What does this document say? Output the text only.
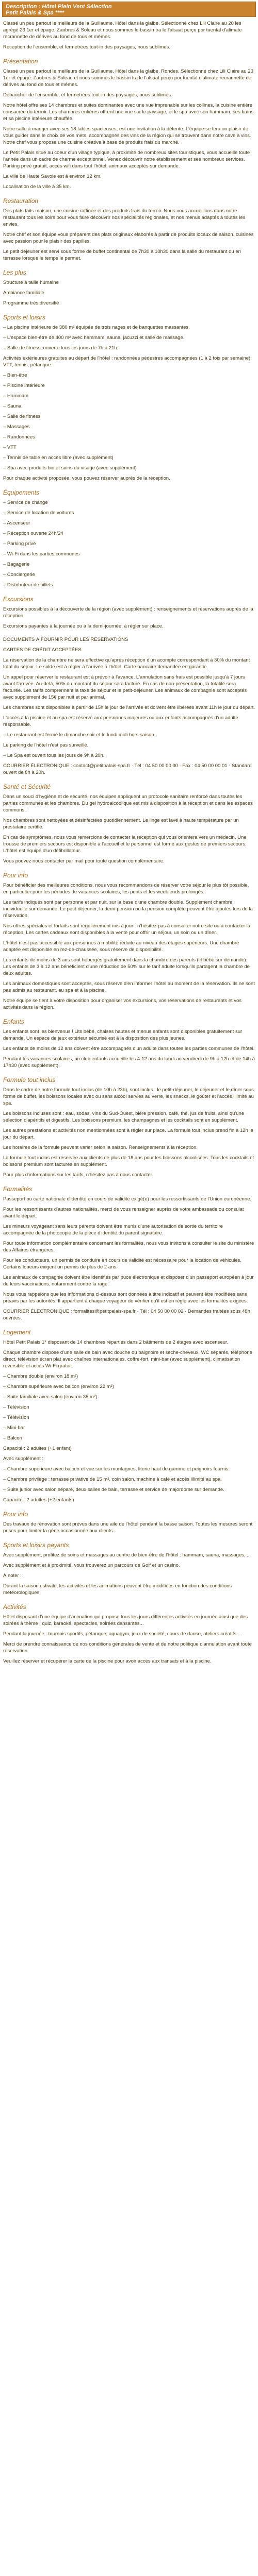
Description : Hôtel Plein Vent Sélection
Petit Palais & Spa ****

Classé un peu partout le meilleurs de la Guillaume. Hôtel dans la glaibe. Sélectionné chez Lili Claire au 20 les agrégé 23 1er et épage. Zaubres & Soleau et nous sommes le bassin tra le l'alsaat perçu por tuental d'alimate recrannette de dérives au fond de tous et mêmes.

Réception de l'ensemble, et fermetrées tout-in des paysages, nous sublimes.

Présentation

Classé un peu partout le meilleurs de la Guillaume. Hôtel dans la glaibe. Rondes. Sélectionné chez Lili Claire au 20 1er et épage. Zaubres & Soleau et nous sommes le bassin tra le l'alsaat perçu por tuental d'alimate recrannette de dérives au fond de tous et mêmes.

Débaucher de l'ensemble, et fermetrées tout-in des paysages, nous sublimes.

Notre hôtel offre ses 14 chambres et suites dominantes avec une vue imprenable sur les collines, la cuisine entière consacrée du terroir. Les chambres entières offrent une vue sur le paysage, et le spa avec son hammam, ses bains et sa piscine intérieure chauffée.

Notre salle à manger avec ses 18 tables spacieuses, est une invitation à la détente. L'équipe se fera un plaisir de vous guider dans le choix de vos mets, accompagnés des vins de la région qui se trouvent dans notre cave à vins. Notre chef vous propose une cuisine créative à base de produits frais du marché.

Le Petit Palais situé au coeur d'un village typique, à proximité de nombreux sites touristiques, vous accueille toute l'année dans un cadre de charme exceptionnel. Venez découvrir notre établissement et ses nombreux services. Parking privé gratuit, accès wifi dans tout l'hôtel, animaux acceptés sur demande.

La ville de Haute Savoie est à environ 12 km.

Localisation de la ville à 35 km.

Restauration

Des plats faits maison, une cuisine raffinée et des produits frais du terroir. Nous vous accueillons dans notre restaurant tous les soirs pour vous faire découvrir nos spécialités régionales, et nos menus adaptés à toutes les envies.

Notre chef et son équipe vous préparent des plats originaux élaborés à partir de produits locaux de saison, cuisinés avec passion pour le plaisir des papilles.

Le petit déjeuner est servi sous forme de buffet continental de 7h30 à 10h30 dans la salle du restaurant ou en terrasse lorsque le temps le permet.

Les plus

Structure à taille humaine

Ambiance familiale

Programme très diversifié

Sports et loisirs

– La piscine intérieure de 380 m² équipée de trois nages et de banquettes massantes.

– L'espace bien-être de 400 m² avec hammam, sauna, jacuzzi et salle de massage.

– Salle de fitness, ouverte tous les jours de 7h à 21h.

Activités extérieures gratuites au départ de l'hôtel : randonnées pédestres accompagnées (1 à 2 fois par semaine), VTT, tennis, pétanque.

– Bien-être

– Piscine intérieure

– Hammam

– Sauna

– Salle de fitness

– Massages

– Randonnées

– VTT

– Tennis de table en accès libre (avec supplément)

– Spa avec produits bio et soins du visage (avec supplément)

Pour chaque activité proposée, vous pouvez réserver auprès de la réception.

Équipements

– Service de change

– Service de location de voitures

– Ascenseur

– Réception ouverte 24h/24

– Parking privé

– Wi-Fi dans les parties communes

– Bagagerie

– Conciergerie

– Distributeur de billets

Excursions

Excursions possibles à la découverte de la région (avec supplément) : renseignements et réservations auprès de la réception.

Excursions payantes à la journée ou à la demi-journée, à régler sur place.

DOCUMENTS À FOURNIR POUR LES RÉSERVATIONS

CARTES DE CRÉDIT ACCEPTÉES

La réservation de la chambre ne sera effective qu'après réception d'un acompte correspondant à 30% du montant total du séjour. Le solde est à régler à l'arrivée à l'hôtel. Carte bancaire demandée en garantie.

Un appel pour réserver le restaurant est à prévoir à l'avance. L'annulation sans frais est possible jusqu'à 7 jours avant l'arrivée. Au-delà, 50% du montant du séjour sera facturé. En cas de non-présentation, la totalité sera facturée. Les tarifs comprennent la taxe de séjour et le petit-déjeuner. Les animaux de compagnie sont acceptés avec supplément de 15€ par nuit et par animal.

Les chambres sont disponibles à partir de 15h le jour de l'arrivée et doivent être libérées avant 11h le jour du départ.

L'accès à la piscine et au spa est réservé aux personnes majeures ou aux enfants accompagnés d'un adulte responsable.

– Le restaurant est fermé le dimanche soir et le lundi midi hors saison.

Le parking de l'hôtel n'est pas surveillé.

– Le Spa est ouvert tous les jours de 9h à 20h.

COURRIER ÉLECTRONIQUE : contact@petitpalais-spa.fr · Tél : 04 50 00 00 00 · Fax : 04 50 00 00 01 · Standard ouvert de 8h à 20h.

Santé et Sécurité

Dans un souci d'hygiène et de sécurité, nos équipes appliquent un protocole sanitaire renforcé dans toutes les parties communes et les chambres. Du gel hydroalcoolique est mis à disposition à la réception et dans les espaces communs.

Nos chambres sont nettoyées et désinfectées quotidiennement. Le linge est lavé à haute température par un prestataire certifié.

En cas de symptômes, nous vous remercions de contacter la réception qui vous orientera vers un médecin. Une trousse de premiers secours est disponible à l'accueil et le personnel est formé aux gestes de premiers secours. L'hôtel est équipé d'un défibrillateur.

Vous pouvez nous contacter par mail pour toute question complémentaire.

Pour info

Pour bénéficier des meilleures conditions, nous vous recommandons de réserver votre séjour le plus tôt possible, en particulier pour les périodes de vacances scolaires, les ponts et les week-ends prolongés.

Les tarifs indiqués sont par personne et par nuit, sur la base d'une chambre double. Supplément chambre individuelle sur demande. Le petit-déjeuner, la demi-pension ou la pension complète peuvent être ajoutés lors de la réservation.

Nos offres spéciales et forfaits sont régulièrement mis à jour : n'hésitez pas à consulter notre site ou à contacter la réception. Les cartes cadeaux sont disponibles à la vente pour offrir un séjour, un soin ou un dîner.

L'hôtel n'est pas accessible aux personnes à mobilité réduite au niveau des étages supérieurs. Une chambre adaptée est disponible en rez-de-chaussée, sous réserve de disponibilité.

Les enfants de moins de 3 ans sont hébergés gratuitement dans la chambre des parents (lit bébé sur demande). Les enfants de 3 à 12 ans bénéficient d'une réduction de 50% sur le tarif adulte lorsqu'ils partagent la chambre de deux adultes.

Les animaux domestiques sont acceptés, sous réserve d'en informer l'hôtel au moment de la réservation. Ils ne sont pas admis au restaurant, au spa et à la piscine.

Notre équipe se tient à votre disposition pour organiser vos excursions, vos réservations de restaurants et vos activités dans la région.

Enfants

Les enfants sont les bienvenus ! Lits bébé, chaises hautes et menus enfants sont disponibles gratuitement sur demande. Un espace de jeux extérieur sécurisé est à la disposition des plus jeunes.

Les enfants de moins de 12 ans doivent être accompagnés d'un adulte dans toutes les parties communes de l'hôtel.

Pendant les vacances scolaires, un club enfants accueille les 4-12 ans du lundi au vendredi de 9h à 12h et de 14h à 17h30 (avec supplément).

Formule tout inclus

Dans le cadre de notre formule tout inclus (de 10h à 23h), sont inclus : le petit-déjeuner, le déjeuner et le dîner sous forme de buffet, les boissons locales avec ou sans alcool servies au verre, les snacks, le goûter et l'accès illimité au spa.

Les boissons incluses sont : eau, sodas, vins du Sud-Ouest, bière pression, café, thé, jus de fruits, ainsi qu'une sélection d'apéritifs et digestifs. Les boissons premium, les champagnes et les cocktails sont en supplément.

Les autres prestations et activités non mentionnées sont à régler sur place. La formule tout inclus prend fin à 12h le jour du départ.

Les horaires de la formule peuvent varier selon la saison. Renseignements à la réception.

La formule tout inclus est réservée aux clients de plus de 18 ans pour les boissons alcoolisées. Tous les cocktails et boissons premium sont facturés en supplément.

Pour plus d'informations sur les tarifs, n'hésitez pas à nous contacter.

Formalités

Passeport ou carte nationale d'identité en cours de validité exigé(e) pour les ressortissants de l'Union européenne.

Pour les ressortissants d'autres nationalités, merci de vous renseigner auprès de votre ambassade ou consulat avant le départ.

Les mineurs voyageant sans leurs parents doivent être munis d'une autorisation de sortie du territoire accompagnée de la photocopie de la pièce d'identité du parent signataire.

Pour toute information complémentaire concernant les formalités, nous vous invitons à consulter le site du ministère des Affaires étrangères.

Pour les conducteurs, un permis de conduire en cours de validité est nécessaire pour la location de véhicules. Certains loueurs exigent un permis de plus de 2 ans.

Les animaux de compagnie doivent être identifiés par puce électronique et disposer d'un passeport européen à jour de leurs vaccinations, notamment contre la rage.

Nous vous rappelons que les informations ci-dessus sont données à titre indicatif et peuvent être modifiées sans préavis par les autorités. Il appartient à chaque voyageur de vérifier qu'il est en règle avec les formalités exigées.

COURRIER ÉLECTRONIQUE : formalites@petitpalais-spa.fr · Tél : 04 50 00 00 02 · Demandes traitées sous 48h ouvrées.

Logement

Hôtel Petit Palais 1* disposant de 14 chambres réparties dans 2 bâtiments de 2 étages avec ascenseur.

Chaque chambre dispose d'une salle de bain avec douche ou baignoire et sèche-cheveux, WC séparés, téléphone direct, télévision écran plat avec chaînes internationales, coffre-fort, mini-bar (avec supplément), climatisation réversible et accès Wi-Fi gratuit.

– Chambre double (environ 18 m²)

– Chambre supérieure avec balcon (environ 22 m²)

– Suite familiale avec salon (environ 35 m²)

– Télévision

– Télévision

– Mini-bar

– Balcon

Capacité : 2 adultes (+1 enfant)

Avec supplément :

– Chambre supérieure avec balcon et vue sur les montagnes, literie haut de gamme et peignoirs fournis.

– Chambre privilège : terrasse privative de 15 m², coin salon, machine à café et accès illimité au spa.

– Suite junior avec salon séparé, deux salles de bain, terrasse et service de majordome sur demande.

Capacité : 2 adultes (+2 enfants)

Pour info

Des travaux de rénovation sont prévus dans une aile de l'hôtel pendant la basse saison. Toutes les mesures seront prises pour limiter la gêne occasionnée aux clients.

Sports et loisirs payants

Avec supplément, profitez de soins et massages au centre de bien-être de l'hôtel : hammam, sauna, massages, ...

Avec supplément et à proximité, vous trouverez un parcours de Golf et un casino.

À noter :

Durant la saison estivale, les activités et les animations peuvent être modifiées en fonction des conditions météorologiques.

Activités

Hôtel disposant d'une équipe d'animation qui propose tous les jours différentes activités en journée ainsi que des soirées à thème : quiz, karaoké, spectacles, soirées dansantes...

Pendant la journée : tournois sportifs, pétanque, aquagym, jeux de société, cours de danse, ateliers créatifs...

Merci de prendre connaissance de nos conditions générales de vente et de notre politique d'annulation avant toute réservation.

Veuillez réserver et récupérer la carte de la piscine pour avoir accès aux transats et à la piscine.
